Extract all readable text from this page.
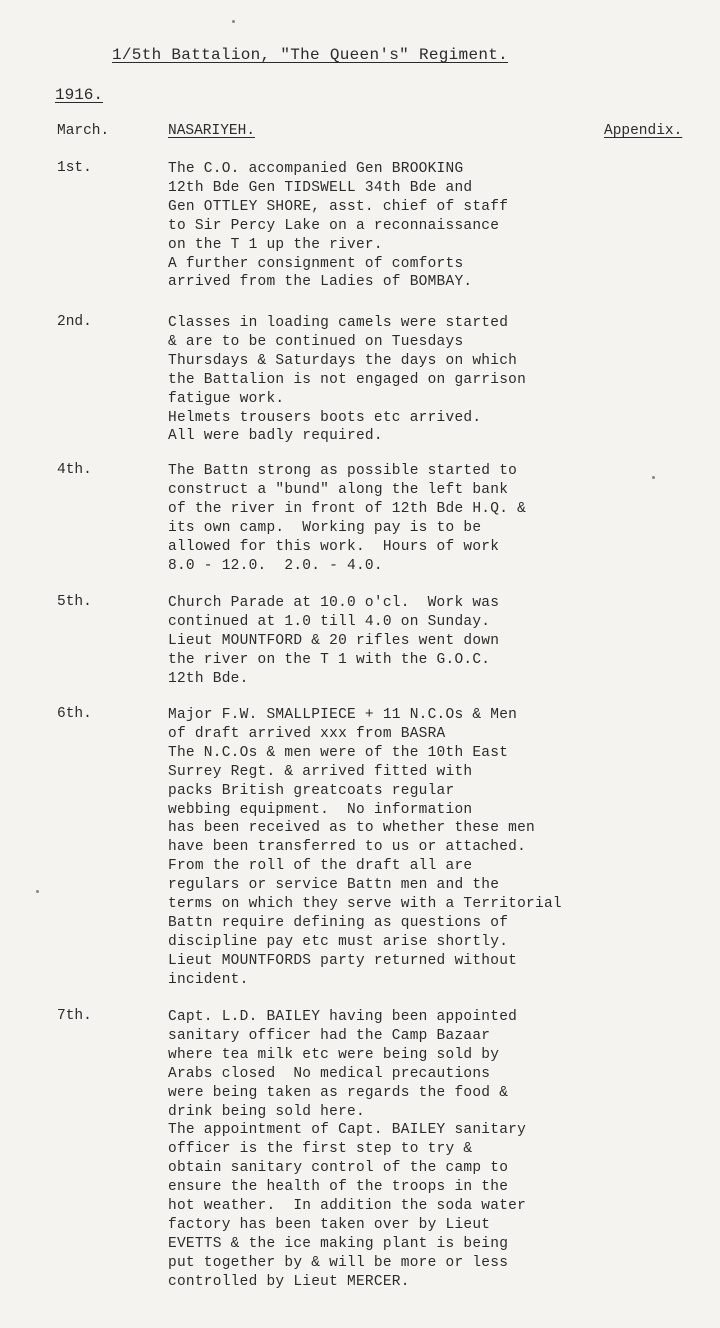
1/5th Battalion, "The Queen's" Regiment.
1916.
March.	NASARIYEH.	Appendix.
1st.	The C.O. accompanied Gen BROOKING
12th Bde Gen TIDSWELL 34th Bde and
Gen OTTLEY SHORE, asst. chief of staff
to Sir Percy Lake on a reconnaissance
on the T 1 up the river.
A further consignment of comforts
arrived from the Ladies of BOMBAY.
2nd.	Classes in loading camels were started
& are to be continued on Tuesdays
Thursdays & Saturdays the days on which
the Battalion is not engaged on garrison
fatigue work.
Helmets trousers boots etc arrived.
All were badly required.
4th.	The Battn strong as possible started to
construct a "bund" along the left bank
of the river in front of 12th Bde H.Q. &
its own camp.  Working pay is to be
allowed for this work.  Hours of work
8.0 - 12.0.  2.0. - 4.0.
5th.	Church Parade at 10.0 o'cl.  Work was
continued at 1.0 till 4.0 on Sunday.
Lieut MOUNTFORD & 20 rifles went down
the river on the T 1 with the G.O.C.
12th Bde.
6th.	Major F.W. SMALLPIECE + 11 N.C.Os & Men
of draft arrived xxx from BASRA
The N.C.Os & men were of the 10th East
Surrey Regt. & arrived fitted with
packs British greatcoats regular
webbing equipment.  No information
has been received as to whether these men
have been transferred to us or attached.
From the roll of the draft all are
regulars or service Battn men and the
terms on which they serve with a Territorial
Battn require defining as questions of
discipline pay etc must arise shortly.
Lieut MOUNTFORDS party returned without
incident.
7th.	Capt. L.D. BAILEY having been appointed
sanitary officer had the Camp Bazaar
where tea milk etc were being sold by
Arabs closed  No medical precautions
were being taken as regards the food &
drink being sold here.
The appointment of Capt. BAILEY sanitary
officer is the first step to try &
obtain sanitary control of the camp to
ensure the health of the troops in the
hot weather.  In addition the soda water
factory has been taken over by Lieut
EVETTS & the ice making plant is being
put together by & will be more or less
controlled by Lieut MERCER.
